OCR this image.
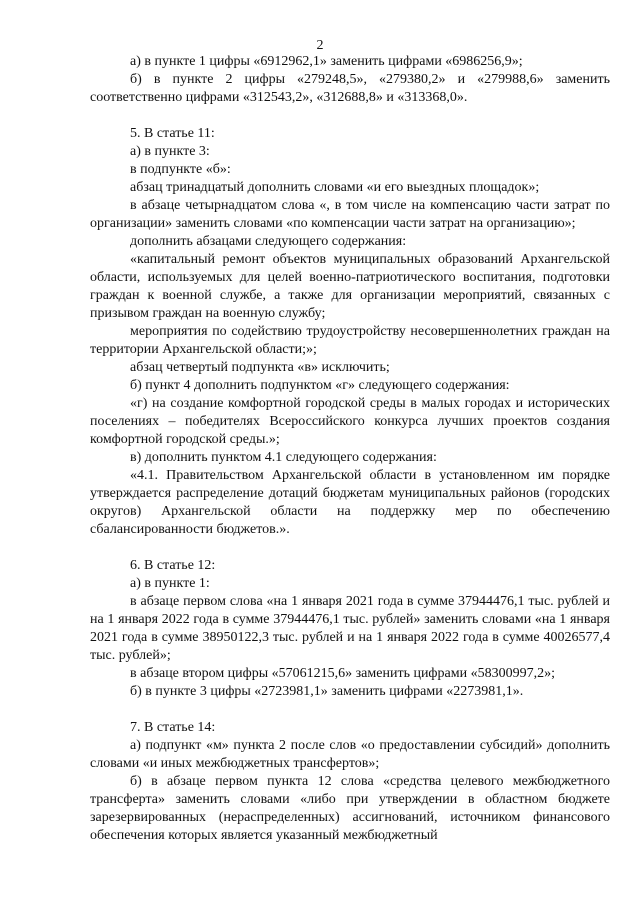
2

а) в пункте 1 цифры «6912962,1» заменить цифрами «6986256,9»;

б) в пункте 2 цифры «279248,5», «279380,2» и «279988,6» заменить соответственно цифрами «312543,2», «312688,8» и «313368,0».

5. В статье 11:

а) в пункте 3:

в подпункте «б»:

абзац тринадцатый дополнить словами «и его выездных площадок»;

в абзаце четырнадцатом слова «, в том числе на компенсацию части затрат по организации» заменить словами «по компенсации части затрат на организацию»;

дополнить абзацами следующего содержания:

«капитальный ремонт объектов муниципальных образований Архангельской области, используемых для целей военно-патриотического воспитания, подготовки граждан к военной службе, а также для организации мероприятий, связанных с призывом граждан на военную службу;

мероприятия по содействию трудоустройству несовершеннолетних граждан на территории Архангельской области;»;

абзац четвертый подпункта «в» исключить;

б) пункт 4 дополнить подпунктом «г» следующего содержания:

«г) на создание комфортной городской среды в малых городах и исторических поселениях – победителях Всероссийского конкурса лучших проектов создания комфортной городской среды.»;

в) дополнить пунктом 4.1 следующего содержания:

«4.1. Правительством Архангельской области в установленном им порядке утверждается распределение дотаций бюджетам муниципальных районов (городских округов) Архангельской области на поддержку мер по обеспечению сбалансированности бюджетов.».

6. В статье 12:

а) в пункте 1:

в абзаце первом слова «на 1 января 2021 года в сумме 37944476,1 тыс. рублей и на 1 января 2022 года в сумме 37944476,1 тыс. рублей» заменить словами «на 1 января 2021 года в сумме 38950122,3 тыс. рублей и на 1 января 2022 года в сумме 40026577,4 тыс. рублей»;

в абзаце втором цифры «57061215,6» заменить цифрами «58300997,2»;

б) в пункте 3 цифры «2723981,1» заменить цифрами «2273981,1».

7. В статье 14:

а) подпункт «м» пункта 2 после слов «о предоставлении субсидий» дополнить словами «и иных межбюджетных трансфертов»;

б) в абзаце первом пункта 12 слова «средства целевого межбюджетного трансферта» заменить словами «либо при утверждении в областном бюджете зарезервированных (нераспределенных) ассигнований, источником финансового обеспечения которых является указанный межбюджетный
